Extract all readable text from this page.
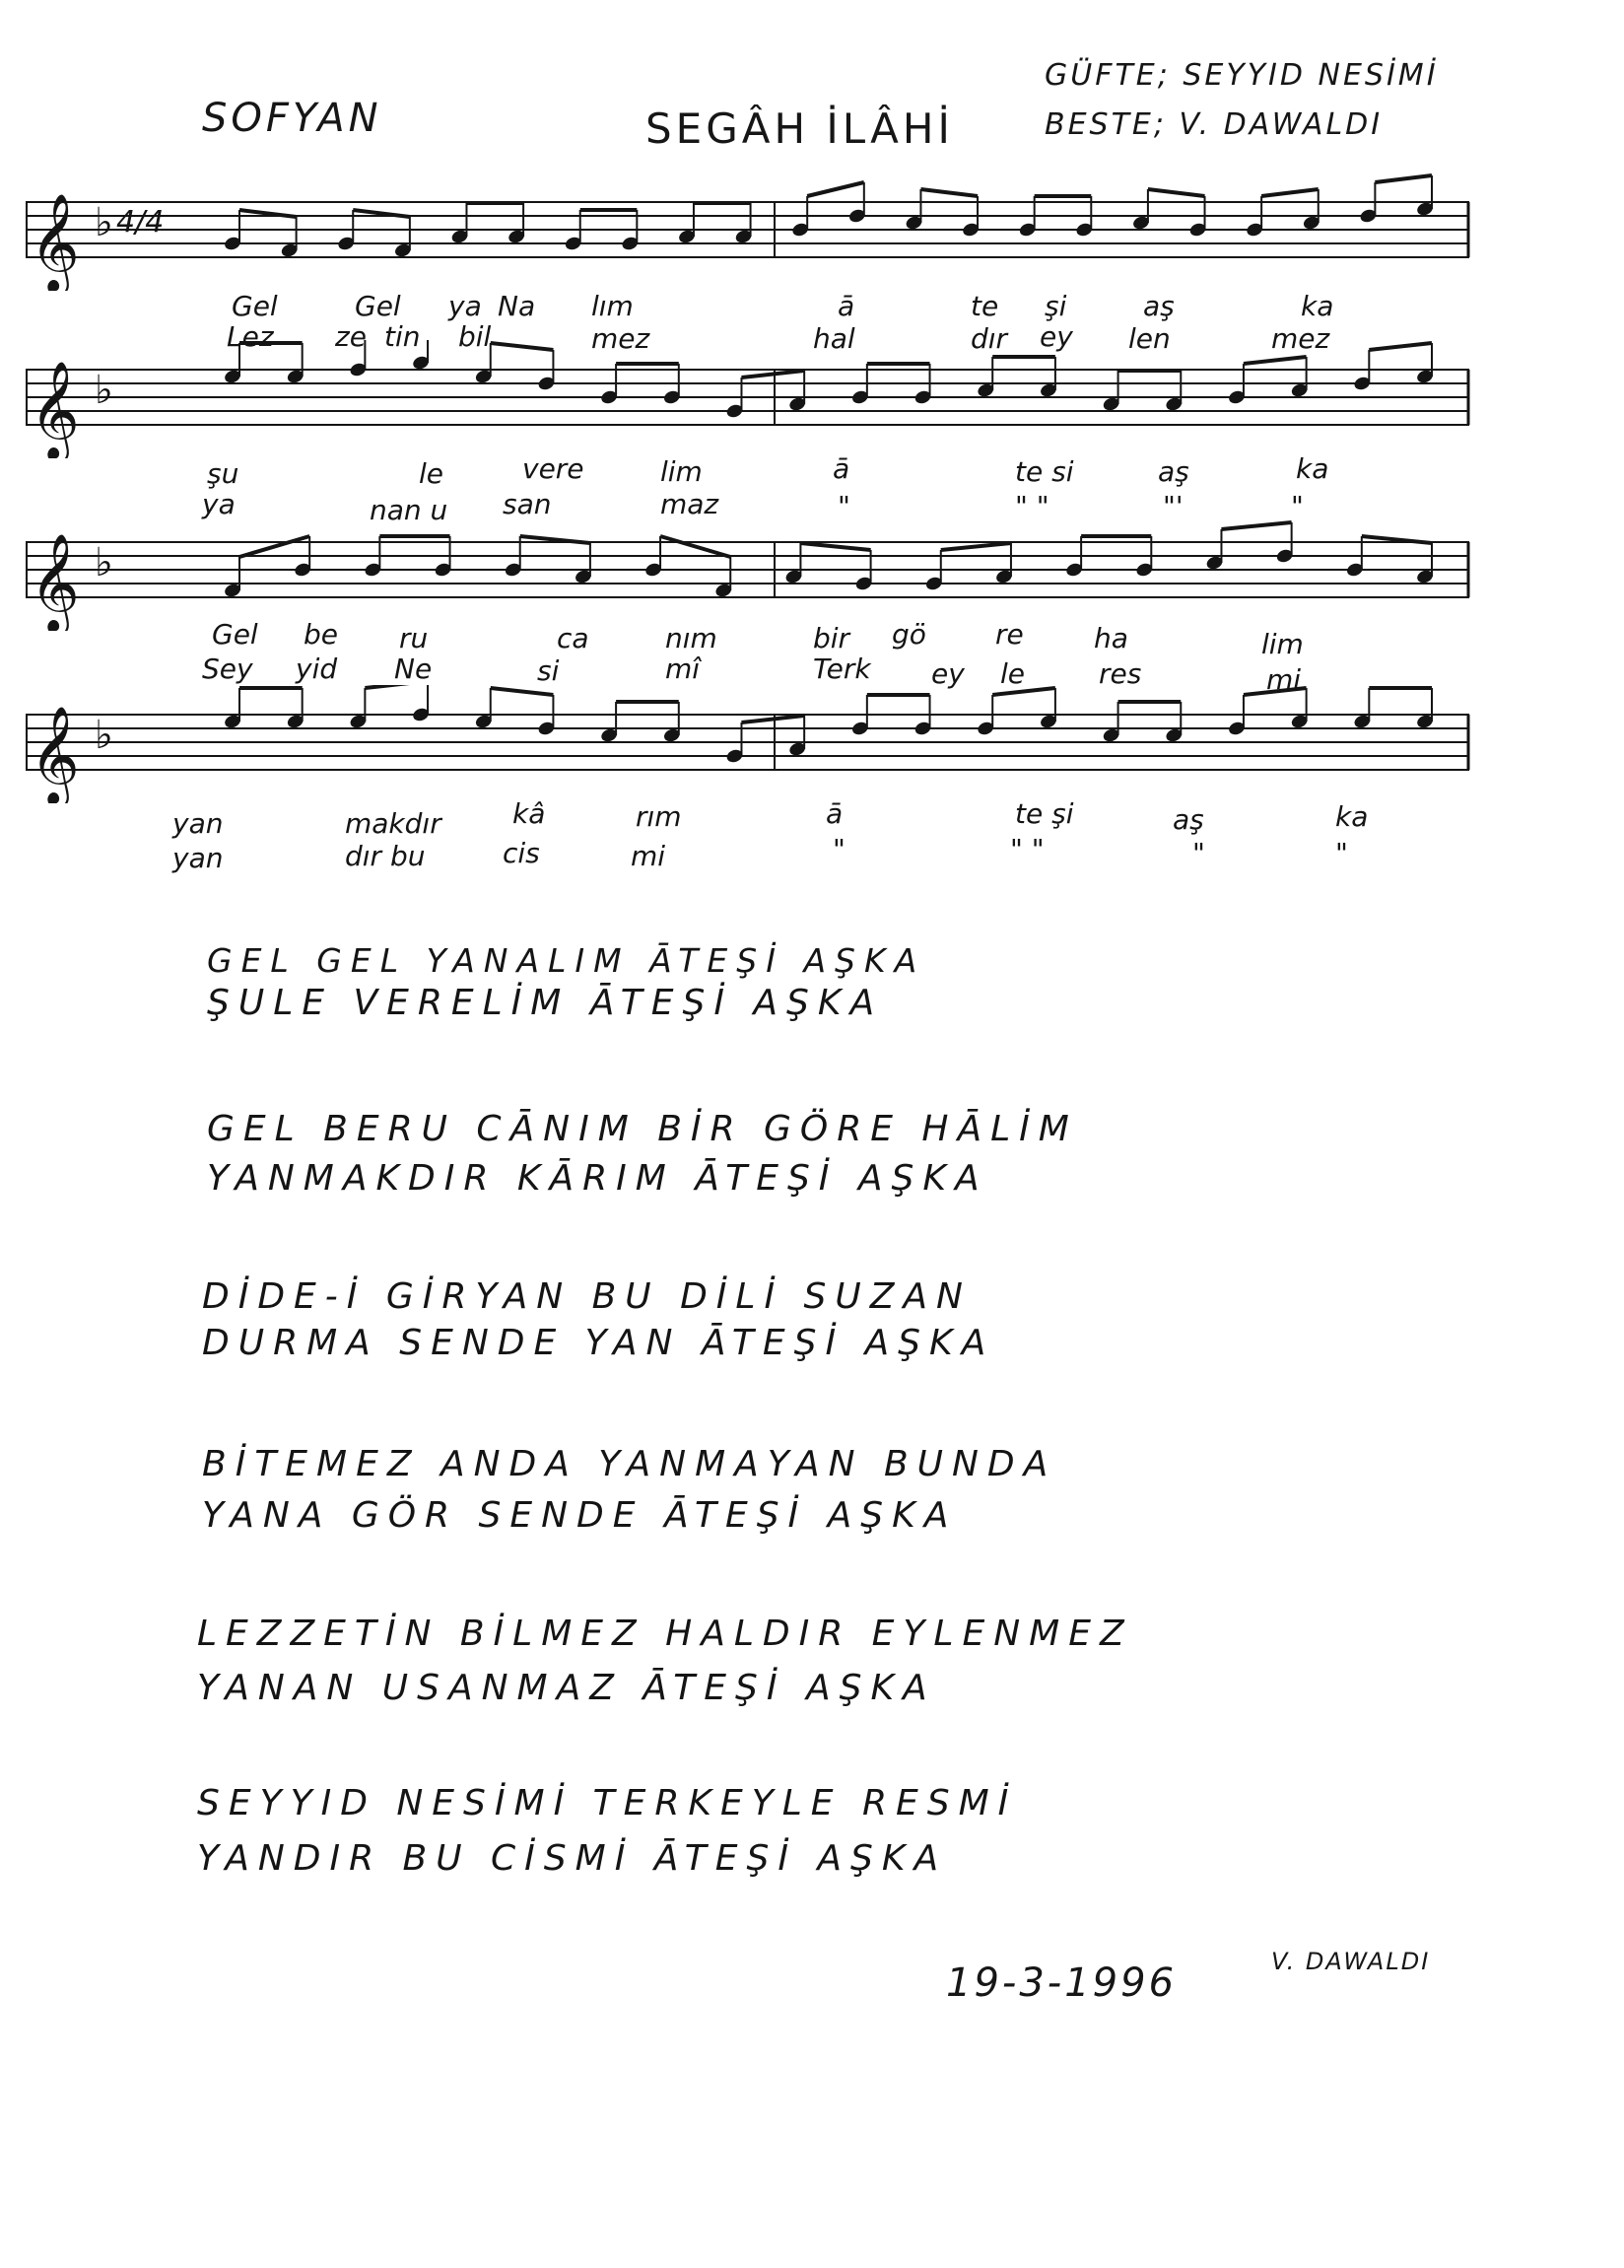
SOFYAN	SEGÂH İLÂHİ
GÜFTE; SEYYID NESİMİ
BESTE; V. DAWALDI
𝄞 ♭ 4/4
𝄞 ♭
𝄞 ♭
𝄞 ♭
Gel	Gel ya Na lım	ā	te şi	aş	ka
Lez ze tin bil	mez	hal	dır ey len	mez
şu	le	vere	lim	ā	te si	aş	ka
ya	nan u san	maz	"	" "	"'	"
Gel be ru	ca	nım	bir gö	re	ha	lim
Sey yid Ne	si	mî	Terk ey le	res	mi
yan	makdır	kâ	rım	ā	te şi	aş	ka
yan	dır bu	cis	mi	"	" "	"	"
GEL GEL YANALIM ĀTEŞİ AŞKA
ŞULE VERELİM ĀTEŞİ AŞKA
GEL BERU CĀNIM BİR GÖRE HĀLİM
YANMAKDIR KĀRIM ĀTEŞİ AŞKA
DİDE-İ GİRYAN BU DİLİ SUZAN
DURMA SENDE YAN ĀTEŞİ AŞKA
BİTEMEZ ANDA YANMAYAN BUNDA
YANA GÖR SENDE ĀTEŞİ AŞKA
LEZZETİN BİLMEZ HALDIR EYLENMEZ
YANAN USANMAZ ĀTEŞİ AŞKA
SEYYID NESİMİ TERKEYLE RESMİ
YANDIR BU CİSMİ ĀTEŞİ AŞKA
19-3-1996	V. DAWALDI
